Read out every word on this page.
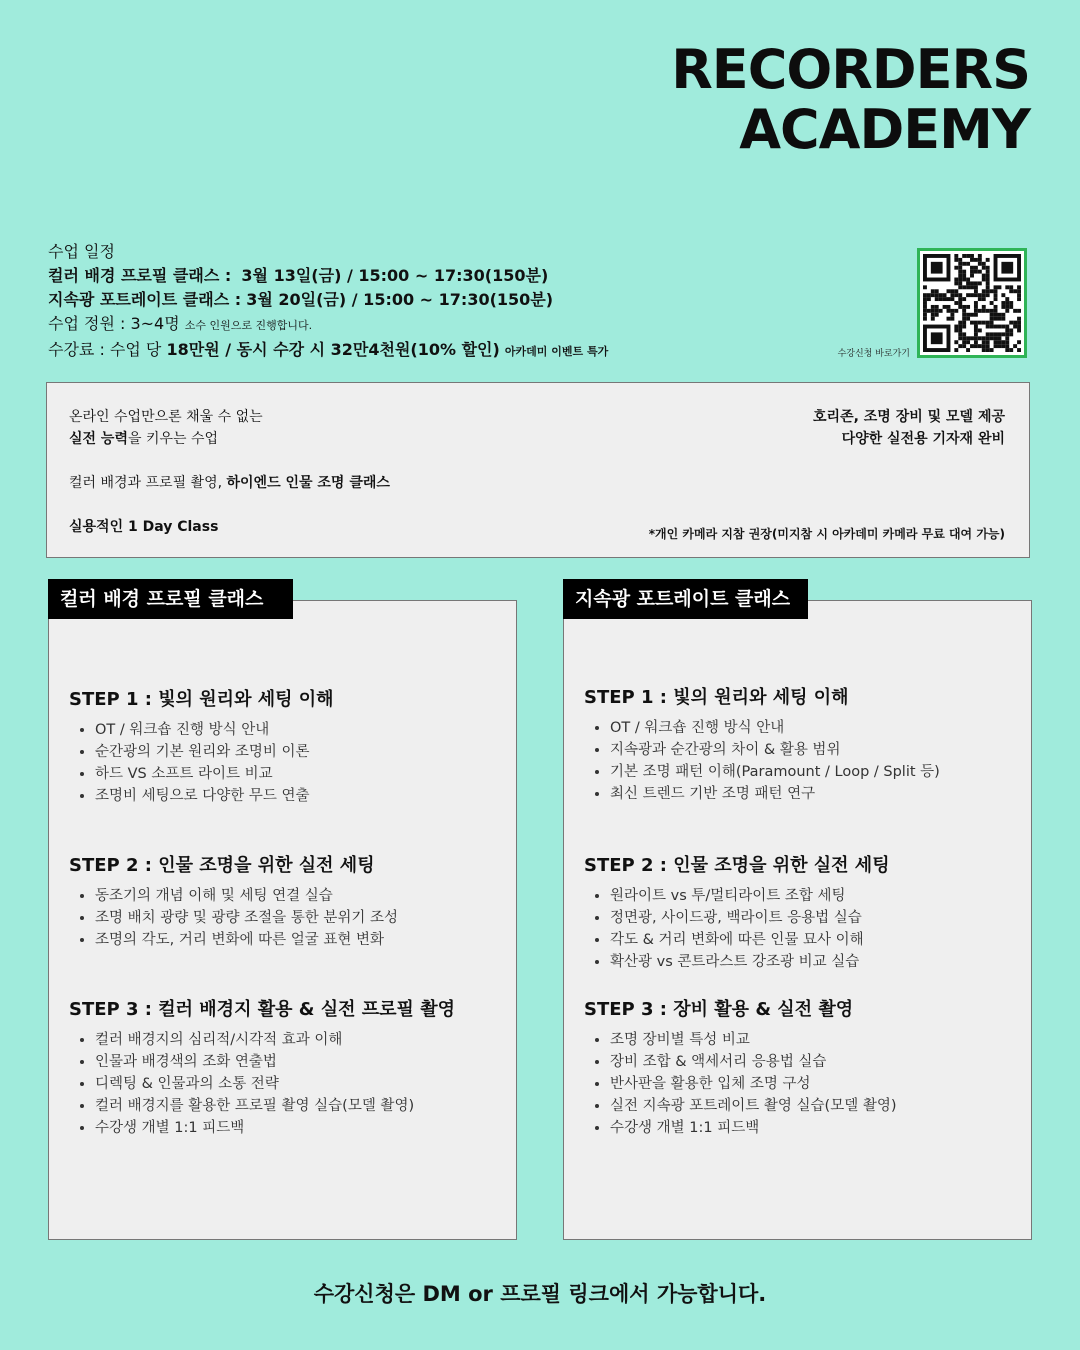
RECORDERS
ACADEMY
수업 일정
컬러 배경 프로필 클래스 : 3월 13일(금) / 15:00 ~ 17:30(150분)
지속광 포트레이트 클래스 : 3월 20일(금) / 15:00 ~ 17:30(150분)
수업 정원 : 3~4명 소수 인원으로 진행합니다.
수강료 : 수업 당 18만원 / 동시 수강 시 32만4천원(10% 할인) 아카데미 이벤트 특가	수강신청 바로가기
온라인 수업만으론 채울 수 없는
실전 능력을 키우는 수업
컬러 배경과 프로필 촬영, 하이엔드 인물 조명 클래스
실용적인 1 Day Class
호리존, 조명 장비 및 모델 제공
다양한 실전용 기자재 완비
*개인 카메라 지참 권장(미지참 시 아카데미 카메라 무료 대여 가능)
컬러 배경 프로필 클래스
STEP 1 : 빛의 원리와 세팅 이해
• OT / 워크숍 진행 방식 안내
• 순간광의 기본 원리와 조명비 이론
• 하드 VS 소프트 라이트 비교
• 조명비 세팅으로 다양한 무드 연출
STEP 2 : 인물 조명을 위한 실전 세팅
• 동조기의 개념 이해 및 세팅 연결 실습
• 조명 배치 광량 및 광량 조절을 통한 분위기 조성
• 조명의 각도, 거리 변화에 따른 얼굴 표현 변화
STEP 3 : 컬러 배경지 활용 & 실전 프로필 촬영
• 컬러 배경지의 심리적/시각적 효과 이해
• 인물과 배경색의 조화 연출법
• 디렉팅 & 인물과의 소통 전략
• 컬러 배경지를 활용한 프로필 촬영 실습(모델 촬영)
• 수강생 개별 1:1 피드백
지속광 포트레이트 클래스
STEP 1 : 빛의 원리와 세팅 이해
• OT / 워크숍 진행 방식 안내
• 지속광과 순간광의 차이 & 활용 범위
• 기본 조명 패턴 이해(Paramount / Loop / Split 등)
• 최신 트렌드 기반 조명 패턴 연구
STEP 2 : 인물 조명을 위한 실전 세팅
• 원라이트 vs 투/멀티라이트 조합 세팅
• 정면광, 사이드광, 백라이트 응용법 실습
• 각도 & 거리 변화에 따른 인물 묘사 이해
• 확산광 vs 콘트라스트 강조광 비교 실습
STEP 3 : 장비 활용 & 실전 촬영
• 조명 장비별 특성 비교
• 장비 조합 & 액세서리 응용법 실습
• 반사판을 활용한 입체 조명 구성
• 실전 지속광 포트레이트 촬영 실습(모델 촬영)
• 수강생 개별 1:1 피드백
수강신청은 DM or 프로필 링크에서 가능합니다.
